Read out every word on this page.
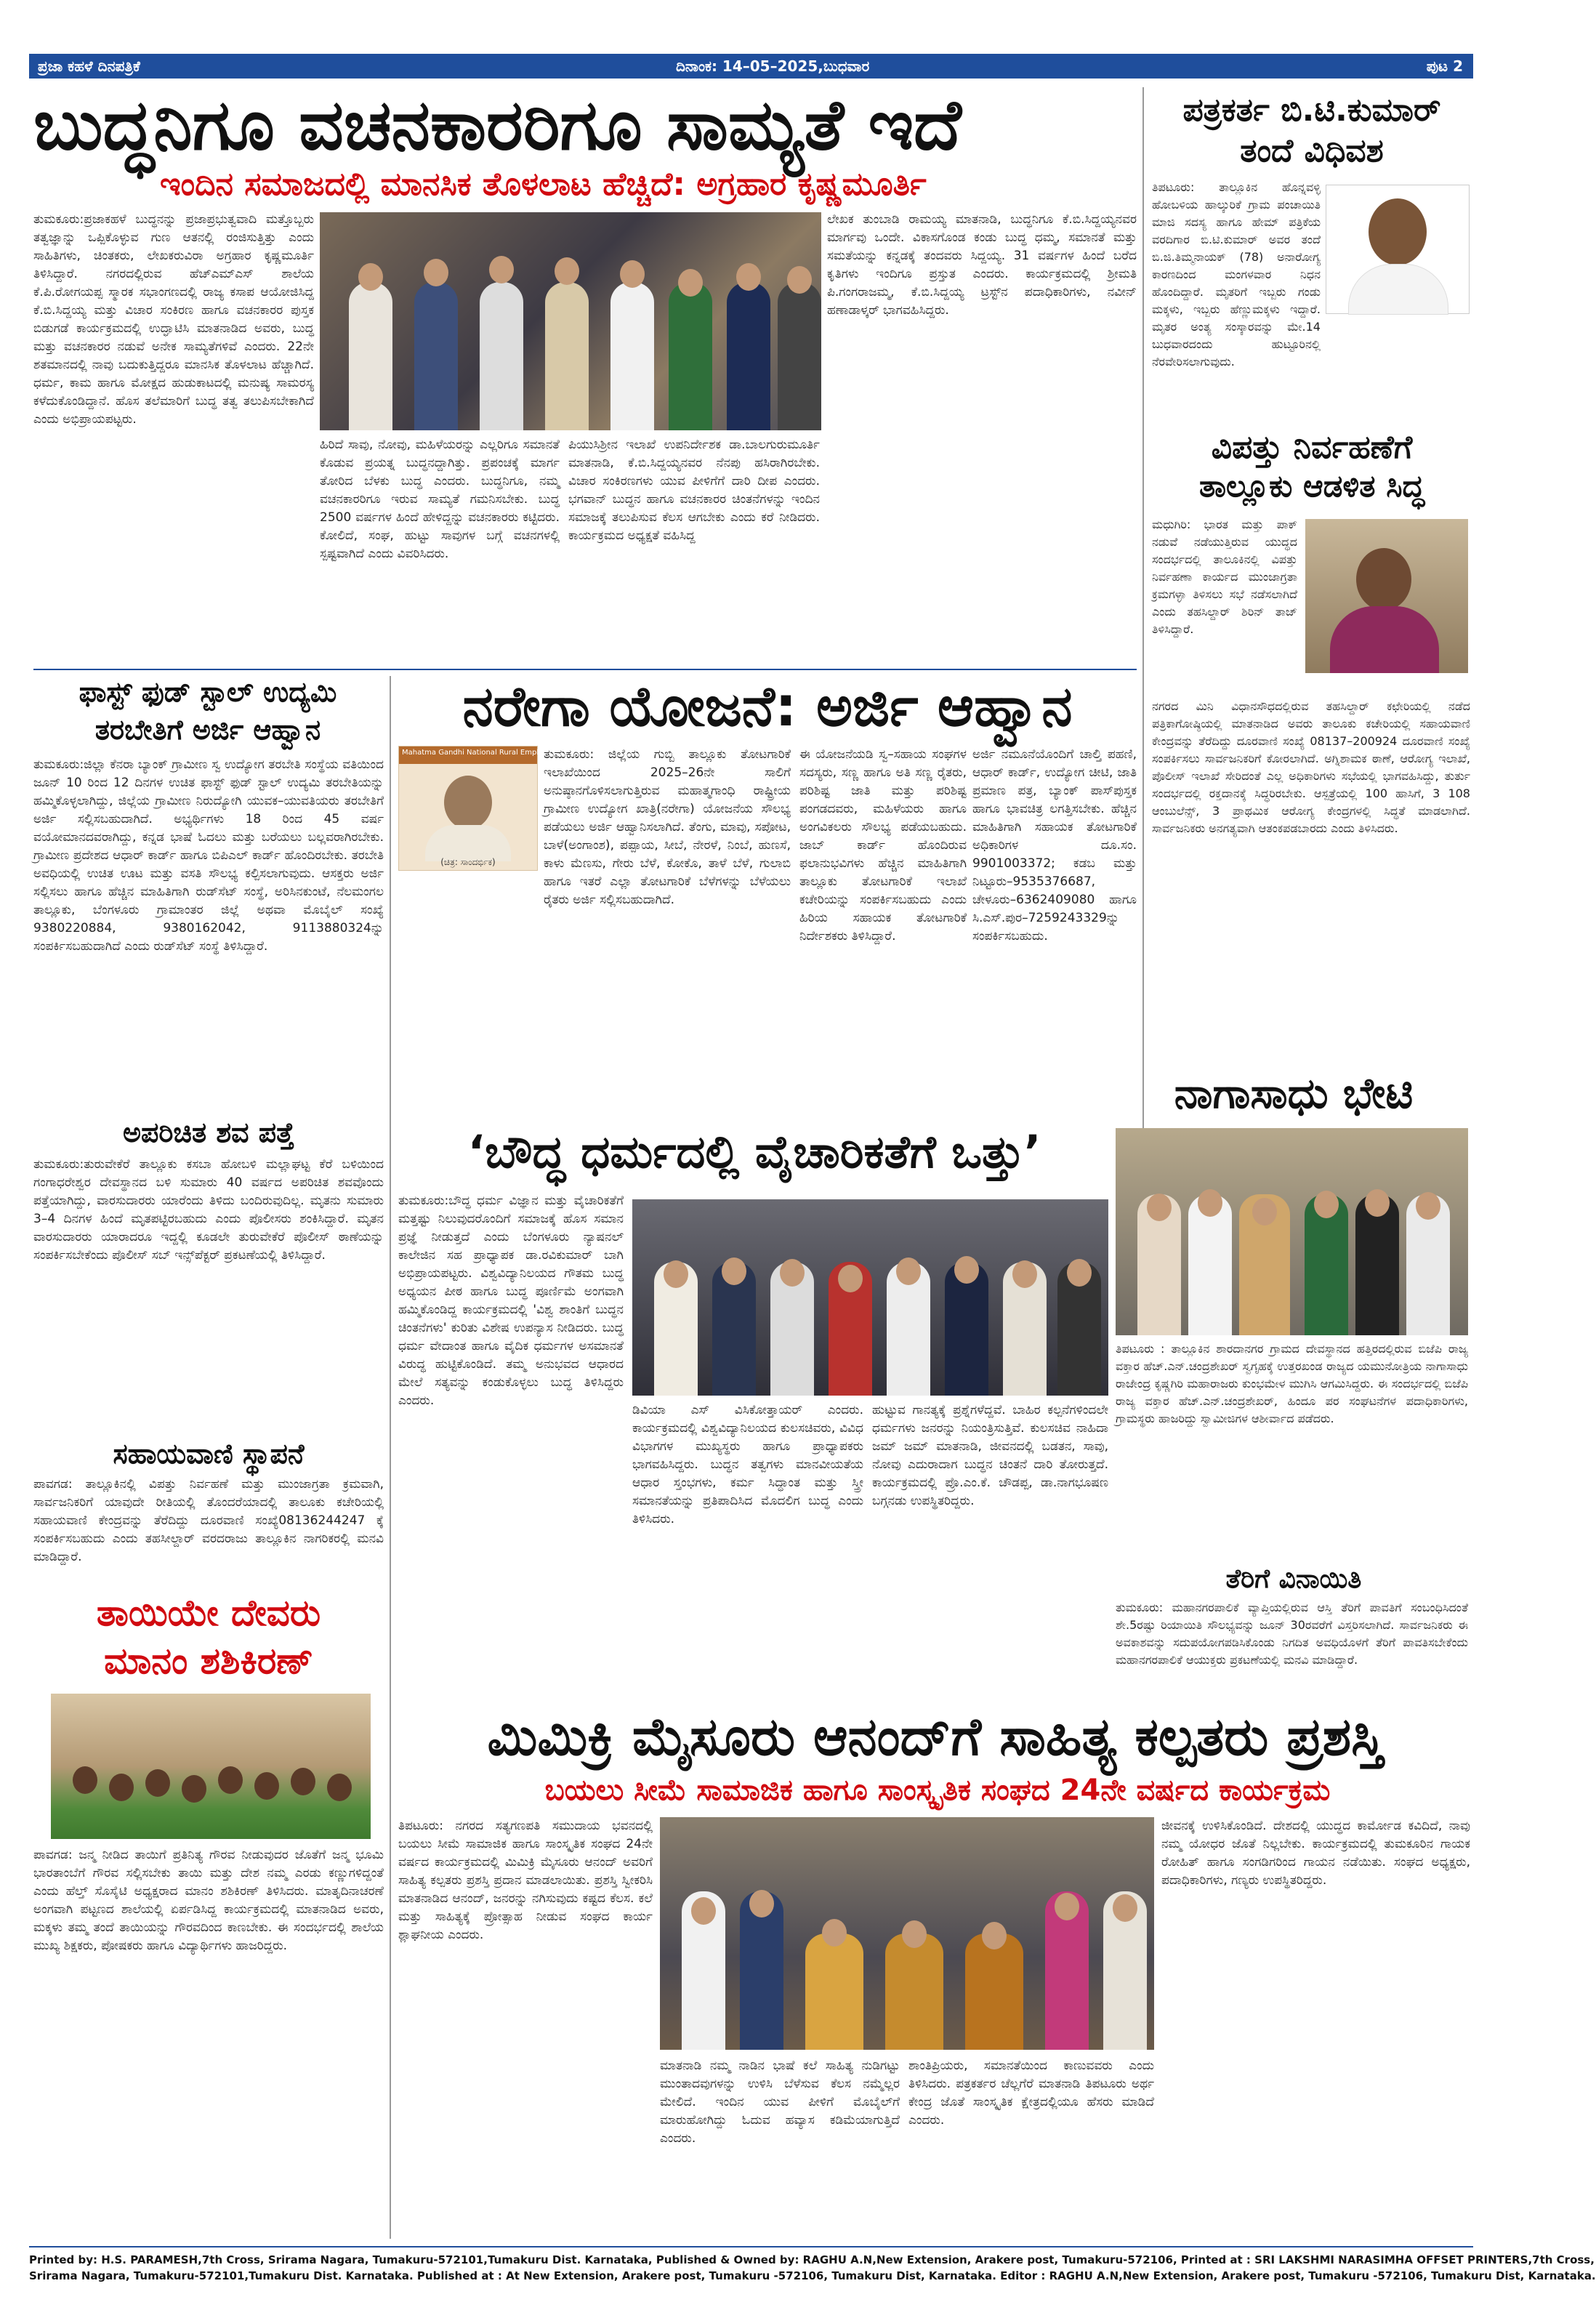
ಪ್ರಜಾ ಕಹಳೆ ದಿನಪತ್ರಿಕೆ	ದಿನಾಂಕ: 14–05–2025,ಬುಧವಾರ	ಪುಟ 2
ಬುದ್ಧನಿಗೂ ವಚನಕಾರರಿಗೂ ಸಾಮ್ಯತೆ ಇದೆ
ಇಂದಿನ ಸಮಾಜದಲ್ಲಿ ಮಾನಸಿಕ ತೊಳಲಾಟ ಹೆಚ್ಚಿದೆ: ಅಗ್ರಹಾರ ಕೃಷ್ಣಮೂರ್ತಿ
ತುಮಕೂರು:ಪ್ರಜಾಕಹಳೆ ಬುದ್ಧನನ್ನು ಪ್ರಜಾಪ್ರಭುತ್ವವಾದಿ ಮತ್ತೊಬ್ಬರು ತತ್ವಜ್ಞಾನ್ನು ಒಪ್ಪಿಕೊಳ್ಳುವ ಗುಣ ಆತನಲ್ಲಿ ರಂಜಿಸುತ್ತಿತ್ತು ಎಂದು ಸಾಹಿತಿಗಳು, ಚಿಂತಕರು, ಲೇಖಕರುವಿರಾ ಅಗ್ರಹಾರ ಕೃಷ್ಣಮೂರ್ತಿ ತಿಳಿಸಿದ್ದಾರೆ. ನಗರದಲ್ಲಿರುವ ಹೆಚ್‌ಎಮ್‌ಎಸ್ ಶಾಲೆಯ ಕೆ.ಪಿ.ರೋಗಯಪ್ಪ ಸ್ಮಾರಕ ಸಭಾಂಗಣದಲ್ಲಿ ರಾಜ್ಯ ಕಸಾಪ ಆಯೋಜಿಸಿದ್ದ ಕೆ.ಬಿ.ಸಿದ್ದಯ್ಯ ಮತ್ತು ವಿಚಾರ ಸಂಕಿರಣ ಹಾಗೂ ವಚನಕಾರರ ಪುಸ್ತಕ ಬಿಡುಗಡೆ ಕಾರ್ಯಕ್ರಮದಲ್ಲಿ ಉದ್ಘಾಟಿಸಿ ಮಾತನಾಡಿದ ಅವರು, ಬುದ್ಧ ಮತ್ತು ವಚನಕಾರರ ನಡುವೆ ಅನೇಕ ಸಾಮ್ಯತೆಗಳಿವೆ ಎಂದರು. 22ನೇ ಶತಮಾನದಲ್ಲಿ ನಾವು ಬದುಕುತ್ತಿದ್ದರೂ ಮಾನಸಿಕ ತೊಳಲಾಟ ಹೆಚ್ಚಾಗಿದೆ. ಧರ್ಮ, ಕಾಮ ಹಾಗೂ ಮೋಕ್ಷದ ಹುಡುಕಾಟದಲ್ಲಿ ಮನುಷ್ಯ ಸಾಮರಸ್ಯ ಕಳೆದುಕೊಂಡಿದ್ದಾನೆ. ಹೊಸ ತಲೆಮಾರಿಗೆ ಬುದ್ಧ ತತ್ವ ತಲುಪಿಸಬೇಕಾಗಿದೆ ಎಂದು ಅಭಿಪ್ರಾಯಪಟ್ಟರು.
ಹಿರಿದೆ ಸಾವು, ನೋವು, ಮಹಿಳೆಯರನ್ನು ಎಲ್ಲರಿಗೂ ಸಮಾನತೆ ಕೊಡುವ ಪ್ರಯತ್ನ ಬುದ್ಧನದ್ದಾಗಿತ್ತು. ಪ್ರಪಂಚಕ್ಕೆ ಮಾರ್ಗ ತೋರಿದ ಬೆಳಕು ಬುದ್ಧ ಎಂದರು. ಬುದ್ಧನಿಗೂ, ನಮ್ಮ ವಚನಕಾರರಿಗೂ ಇರುವ ಸಾಮ್ಯತೆ ಗಮನಿಸಬೇಕು. ಬುದ್ಧ 2500 ವರ್ಷಗಳ ಹಿಂದೆ ಹೇಳಿದ್ದನ್ನು ವಚನಕಾರರು ಕಟ್ಟಿದರು. ಕೋಲಿದೆ, ಸಂಘ, ಹುಟ್ಟು ಸಾವುಗಳ ಬಗ್ಗೆ ವಚನಗಳಲ್ಲಿ ಸ್ಪಷ್ಟವಾಗಿದೆ ಎಂದು ವಿವರಿಸಿದರು.
ಪಿಯುಸಿಶ್ರೀನ ಇಲಾಖೆ ಉಪನಿರ್ದೇಶಕ ಡಾ.ಬಾಲಗುರುಮೂರ್ತಿ ಮಾತನಾಡಿ, ಕೆ.ಬಿ.ಸಿದ್ದಯ್ಯನವರ ನೆನಪು ಹಸಿರಾಗಿರಬೇಕು. ವಿಚಾರ ಸಂಕಿರಣಗಳು ಯುವ ಪೀಳಿಗೆಗೆ ದಾರಿ ದೀಪ ಎಂದರು. ಭಗವಾನ್ ಬುದ್ಧನ ಹಾಗೂ ವಚನಕಾರರ ಚಿಂತನೆಗಳನ್ನು ಇಂದಿನ ಸಮಾಜಕ್ಕೆ ತಲುಪಿಸುವ ಕೆಲಸ ಆಗಬೇಕು ಎಂದು ಕರೆ ನೀಡಿದರು. ಕಾರ್ಯಕ್ರಮದ ಅಧ್ಯಕ್ಷತೆ ವಹಿಸಿದ್ದ
ಲೇಖಕ ತುಂಬಾಡಿ ರಾಮಯ್ಯ ಮಾತನಾಡಿ, ಬುದ್ಧನಿಗೂ ಕೆ.ಬಿ.ಸಿದ್ದಯ್ಯನವರ ಮಾರ್ಗವು ಒಂದೇ. ವಿಕಾಸಗೊಂಡ ಕಂಡು ಬುದ್ಧ ಧಮ್ಮ, ಸಮಾನತೆ ಮತ್ತು ಸಮತೆಯನ್ನು ಕನ್ನಡಕ್ಕೆ ತಂದವರು ಸಿದ್ದಯ್ಯ. 31 ವರ್ಷಗಳ ಹಿಂದೆ ಬರೆದ ಕೃತಿಗಳು ಇಂದಿಗೂ ಪ್ರಸ್ತುತ ಎಂದರು. ಕಾರ್ಯಕ್ರಮದಲ್ಲಿ ಶ್ರೀಮತಿ ಪಿ.ಗಂಗರಾಜಮ್ಮ, ಕೆ.ಬಿ.ಸಿದ್ದಯ್ಯ ಟ್ರಸ್ಟ್‌ನ ಪದಾಧಿಕಾರಿಗಳು, ನವೀನ್ ಹಣಾಡಾಳ್ಕರ್ ಭಾಗವಹಿಸಿದ್ದರು.
ಪತ್ರಕರ್ತ ಬಿ.ಟಿ.ಕುಮಾರ್
ತಂದೆ ವಿಧಿವಶ
ತಿಪಟೂರು: ತಾಲ್ಲೂಕಿನ ಹೊನ್ನವಳ್ಳಿ ಹೋಬಳಿಯ ಹಾಲ್ಕುರಿಕೆ ಗ್ರಾಮ ಪಂಚಾಯಿತಿ ಮಾಜಿ ಸದಸ್ಯ ಹಾಗೂ ಹೇಮ್ ಪತ್ರಿಕೆಯ ವರದಿಗಾರ ಬಿ.ಟಿ.ಕುಮಾರ್ ಅವರ ತಂದೆ ಬಿ.ಜಿ.ತಿಮ್ಮನಾಯಕ್ (78) ಅನಾರೋಗ್ಯ ಕಾರಣದಿಂದ ಮಂಗಳವಾರ ನಿಧನ ಹೊಂದಿದ್ದಾರೆ. ಮೃತರಿಗೆ ಇಬ್ಬರು ಗಂಡು ಮಕ್ಕಳು, ಇಬ್ಬರು ಹೆಣ್ಣುಮಕ್ಕಳು ಇದ್ದಾರೆ. ಮೃತರ ಅಂತ್ಯ ಸಂಸ್ಕಾರವನ್ನು ಮೇ.14 ಬುಧವಾರದಂದು ಹುಟ್ಟೂರಿನಲ್ಲಿ ನೆರವೇರಿಸಲಾಗುವುದು.
ವಿಪತ್ತು ನಿರ್ವಹಣೆಗೆ
ತಾಲ್ಲೂಕು ಆಡಳಿತ ಸಿದ್ಧ
ಮಧುಗಿರಿ: ಭಾರತ ಮತ್ತು ಪಾಕ್ ನಡುವೆ ನಡೆಯುತ್ತಿರುವ ಯುದ್ಧದ ಸಂದರ್ಭದಲ್ಲಿ ತಾಲೂಕಿನಲ್ಲಿ ವಿಪತ್ತು ನಿರ್ವಹಣಾ ಕಾರ್ಯದ ಮುಂಜಾಗ್ರತಾ ಕ್ರಮಗಳ್ಳಾ ತಿಳಿಸಲು ಸಭೆ ನಡೆಸಲಾಗಿದೆ ಎಂದು ತಹಸಿಲ್ದಾರ್ ಶಿರಿನ್ ತಾಜ್ ತಿಳಿಸಿದ್ದಾರೆ.
ನಗರದ ಮಿನಿ ವಿಧಾನಸೌಧದಲ್ಲಿರುವ ತಹಸಿಲ್ದಾರ್ ಕಛೇರಿಯಲ್ಲಿ ನಡೆದ ಪತ್ರಿಕಾಗೋಷ್ಠಿಯಲ್ಲಿ ಮಾತನಾಡಿದ ಅವರು ತಾಲೂಕು ಕಚೇರಿಯಲ್ಲಿ ಸಹಾಯವಾಣಿ ಕೇಂದ್ರವನ್ನು ತೆರೆದಿದ್ದು ದೂರವಾಣಿ ಸಂಖ್ಯೆ 08137–200924 ದೂರವಾಣಿ ಸಂಖ್ಯೆ ಸಂಪರ್ಕಿಸಲು ಸಾರ್ವಜನಿಕರಿಗೆ ಕೋರಲಾಗಿದೆ. ಅಗ್ನಿಶಾಮಕ ಠಾಣೆ, ಆರೋಗ್ಯ ಇಲಾಖೆ, ಪೊಲೀಸ್ ಇಲಾಖೆ ಸೇರಿದಂತೆ ಎಲ್ಲ ಅಧಿಕಾರಿಗಳು ಸಭೆಯಲ್ಲಿ ಭಾಗವಹಿಸಿದ್ದು, ತುರ್ತು ಸಂದರ್ಭದಲ್ಲಿ ರಕ್ತದಾನಕ್ಕೆ ಸಿದ್ಧರಿರಬೇಕು. ಆಸ್ಪತ್ರೆಯಲ್ಲಿ 100 ಹಾಸಿಗೆ, 3 108 ಆಂಬುಲೆನ್ಸ್, 3 ಪ್ರಾಥಮಿಕ ಆರೋಗ್ಯ ಕೇಂದ್ರಗಳಲ್ಲಿ ಸಿದ್ಧತೆ ಮಾಡಲಾಗಿದೆ. ಸಾರ್ವಜನಿಕರು ಅನಗತ್ಯವಾಗಿ ಆತಂಕಪಡಬಾರದು ಎಂದು ತಿಳಿಸಿದರು.
ನಾಗಾಸಾಧು ಭೇಟಿ
ತಿಪಟೂರು : ತಾಲ್ಲೂಕಿನ ಶಾರದಾನಗರ ಗ್ರಾಮದ ದೇವಸ್ಥಾನದ ಹತ್ತಿರದಲ್ಲಿರುವ ಬಿಜೆಪಿ ರಾಜ್ಯ ವಕ್ತಾರ ಹೆಚ್.ಎನ್.ಚಂದ್ರಶೇಖರ್ ಸ್ವಗೃಹಕ್ಕೆ ಉತ್ತರಖಂಡ ರಾಜ್ಯದ ಯಮುನೋತ್ರಿಯ ನಾಗಾಸಾಧು ರಾಜೇಂದ್ರ ಕೃಷ್ಣಗಿರಿ ಮಹಾರಾಜರು ಕುಂಭಮೇಳ ಮುಗಿಸಿ ಆಗಮಿಸಿದ್ದರು. ಈ ಸಂದರ್ಭದಲ್ಲಿ ಬಿಜೆಪಿ ರಾಜ್ಯ ವಕ್ತಾರ ಹೆಚ್.ಎನ್.ಚಂದ್ರಶೇಖರ್, ಹಿಂದೂ ಪರ ಸಂಘಟನೆಗಳ ಪದಾಧಿಕಾರಿಗಳು, ಗ್ರಾಮಸ್ಥರು ಹಾಜರಿದ್ದು ಸ್ವಾಮೀಜಿಗಳ ಆಶೀರ್ವಾದ ಪಡೆದರು.
ತೆರಿಗೆ ವಿನಾಯಿತಿ
ತುಮಕೂರು: ಮಹಾನಗರಪಾಲಿಕೆ ವ್ಯಾಪ್ತಿಯಲ್ಲಿರುವ ಆಸ್ತಿ ತೆರಿಗೆ ಪಾವತಿಗೆ ಸಂಬಂಧಿಸಿದಂತೆ ಶೇ.5ರಷ್ಟು ರಿಯಾಯಿತಿ ಸೌಲಭ್ಯವನ್ನು ಜೂನ್ 30ರವರೆಗೆ ವಿಸ್ತರಿಸಲಾಗಿದೆ. ಸಾರ್ವಜನಿಕರು ಈ ಅವಕಾಶವನ್ನು ಸದುಪಯೋಗಪಡಿಸಿಕೊಂಡು ನಿಗದಿತ ಅವಧಿಯೊಳಗೆ ತೆರಿಗೆ ಪಾವತಿಸಬೇಕೆಂದು ಮಹಾನಗರಪಾಲಿಕೆ ಆಯುಕ್ತರು ಪ್ರಕಟಣೆಯಲ್ಲಿ ಮನವಿ ಮಾಡಿದ್ದಾರೆ.
ಫಾಸ್ಟ್ ಫುಡ್ ಸ್ಟಾಲ್ ಉದ್ಯಮಿ
ತರಬೇತಿಗೆ ಅರ್ಜಿ ಆಹ್ವಾನ
ತುಮಕೂರು:ಜಿಲ್ಲಾ ಕೆನರಾ ಬ್ಯಾಂಕ್ ಗ್ರಾಮೀಣ ಸ್ವ ಉದ್ಯೋಗ ತರಬೇತಿ ಸಂಸ್ಥೆಯ ವತಿಯಿಂದ ಜೂನ್ 10 ರಿಂದ 12 ದಿನಗಳ ಉಚಿತ ಫಾಸ್ಟ್ ಫುಡ್ ಸ್ಟಾಲ್ ಉದ್ಯಮಿ ತರಬೇತಿಯನ್ನು ಹಮ್ಮಿಕೊಳ್ಳಲಾಗಿದ್ದು, ಜಿಲ್ಲೆಯ ಗ್ರಾಮೀಣ ನಿರುದ್ಯೋಗಿ ಯುವಕ–ಯುವತಿಯರು ತರಬೇತಿಗೆ ಅರ್ಜಿ ಸಲ್ಲಿಸಬಹುದಾಗಿದೆ. ಅಭ್ಯರ್ಥಿಗಳು 18 ರಿಂದ 45 ವರ್ಷ ವಯೋಮಾನದವರಾಗಿದ್ದು, ಕನ್ನಡ ಭಾಷೆ ಓದಲು ಮತ್ತು ಬರೆಯಲು ಬಲ್ಲವರಾಗಿರಬೇಕು. ಗ್ರಾಮೀಣ ಪ್ರದೇಶದ ಆಧಾರ್ ಕಾರ್ಡ್ ಹಾಗೂ ಬಿಪಿಎಲ್ ಕಾರ್ಡ್ ಹೊಂದಿರಬೇಕು. ತರಬೇತಿ ಅವಧಿಯಲ್ಲಿ ಉಚಿತ ಊಟ ಮತ್ತು ವಸತಿ ಸೌಲಭ್ಯ ಕಲ್ಪಿಸಲಾಗುವುದು. ಆಸಕ್ತರು ಅರ್ಜಿ ಸಲ್ಲಿಸಲು ಹಾಗೂ ಹೆಚ್ಚಿನ ಮಾಹಿತಿಗಾಗಿ ರುಡ್‌ಸೆಟ್ ಸಂಸ್ಥೆ, ಅರಿಸಿನಕುಂಟೆ, ನೆಲಮಂಗಲ ತಾಲ್ಲೂಕು, ಬೆಂಗಳೂರು ಗ್ರಾಮಾಂತರ ಜಿಲ್ಲೆ ಅಥವಾ ಮೊಬೈಲ್ ಸಂಖ್ಯೆ 9380220884, 9380162042, 9113880324ನ್ನು ಸಂಪರ್ಕಿಸಬಹುದಾಗಿದೆ ಎಂದು ರುಡ್‌ಸೆಟ್ ಸಂಸ್ಥೆ ತಿಳಿಸಿದ್ದಾರೆ.
ಅಪರಿಚಿತ ಶವ ಪತ್ತೆ
ತುಮಕೂರು:ತುರುವೇಕೆರೆ ತಾಲ್ಲೂಕು ಕಸಬಾ ಹೋಬಳಿ ಮಲ್ಲಾಘಟ್ಟ ಕೆರೆ ಬಳಿಯಿಂದ ಗಂಗಾಧರೇಶ್ವರ ದೇವಸ್ಥಾನದ ಬಳಿ ಸುಮಾರು 40 ವರ್ಷದ ಅಪರಿಚಿತ ಶವವೊಂದು ಪತ್ತೆಯಾಗಿದ್ದು, ವಾರಸುದಾರರು ಯಾರೆಂದು ತಿಳಿದು ಬಂದಿರುವುದಿಲ್ಲ. ಮೃತನು ಸುಮಾರು 3–4 ದಿನಗಳ ಹಿಂದೆ ಮೃತಪಟ್ಟಿರಬಹುದು ಎಂದು ಪೊಲೀಸರು ಶಂಕಿಸಿದ್ದಾರೆ. ಮೃತನ ವಾರಸುದಾರರು ಯಾರಾದರೂ ಇದ್ದಲ್ಲಿ ಕೂಡಲೇ ತುರುವೇಕೆರೆ ಪೊಲೀಸ್ ಠಾಣೆಯನ್ನು ಸಂಪರ್ಕಿಸಬೇಕೆಂದು ಪೊಲೀಸ್ ಸಬ್ ಇನ್ಸ್‌ಪೆಕ್ಟರ್ ಪ್ರಕಟಣೆಯಲ್ಲಿ ತಿಳಿಸಿದ್ದಾರೆ.
ಸಹಾಯವಾಣಿ ಸ್ಥಾಪನೆ
ಪಾವಗಡ: ತಾಲ್ಲೂಕಿನಲ್ಲಿ ವಿಪತ್ತು ನಿರ್ವಹಣೆ ಮತ್ತು ಮುಂಜಾಗ್ರತಾ ಕ್ರಮವಾಗಿ, ಸಾರ್ವಜನಿಕರಿಗೆ ಯಾವುದೇ ರೀತಿಯಲ್ಲಿ ತೊಂದರೆಯಾದಲ್ಲಿ ತಾಲೂಕು ಕಚೇರಿಯಲ್ಲಿ ಸಹಾಯವಾಣಿ ಕೇಂದ್ರವನ್ನು ತೆರೆದಿದ್ದು ದೂರವಾಣಿ ಸಂಖ್ಯೆ08136244247 ಕ್ಕೆ ಸಂಪರ್ಕಿಸಬಹುದು ಎಂದು ತಹಸೀಲ್ದಾರ್ ವರದರಾಜು ತಾಲ್ಲೂಕಿನ ನಾಗರಿಕರಲ್ಲಿ ಮನವಿ ಮಾಡಿದ್ದಾರೆ.
ತಾಯಿಯೇ ದೇವರು
ಮಾನಂ ಶಶಿಕಿರಣ್
ಪಾವಗಡ: ಜನ್ಮ ನೀಡಿದ ತಾಯಿಗೆ ಪ್ರತಿನಿತ್ಯ ಗೌರವ ನೀಡುವುದರ ಜೊತೆಗೆ ಜನ್ಮ ಭೂಮಿ ಭಾರತಾಂಬೆಗೆ ಗೌರವ ಸಲ್ಲಿಸಬೇಕು ತಾಯಿ ಮತ್ತು ದೇಶ ನಮ್ಮ ಎರಡು ಕಣ್ಣುಗಳಿದ್ದಂತೆ ಎಂದು ಹೆಲ್ತ್ ಸೊಸೈಟಿ ಅಧ್ಯಕ್ಷರಾದ ಮಾನಂ ಶಶಿಕಿರಣ್ ತಿಳಿಸಿದರು. ಮಾತೃದಿನಾಚರಣೆ ಅಂಗವಾಗಿ ಪಟ್ಟಣದ ಶಾಲೆಯಲ್ಲಿ ಏರ್ಪಡಿಸಿದ್ದ ಕಾರ್ಯಕ್ರಮದಲ್ಲಿ ಮಾತನಾಡಿದ ಅವರು, ಮಕ್ಕಳು ತಮ್ಮ ತಂದೆ ತಾಯಿಯನ್ನು ಗೌರವದಿಂದ ಕಾಣಬೇಕು. ಈ ಸಂದರ್ಭದಲ್ಲಿ ಶಾಲೆಯ ಮುಖ್ಯ ಶಿಕ್ಷಕರು, ಪೋಷಕರು ಹಾಗೂ ವಿದ್ಯಾರ್ಥಿಗಳು ಹಾಜರಿದ್ದರು.
ನರೇಗಾ ಯೋಜನೆ: ಅರ್ಜಿ ಆಹ್ವಾನ
Mahatma Gandhi National Rural Employment
(ಚಿತ್ರ: ಸಾಂದರ್ಭಿಕ)
ತುಮಕೂರು: ಜಿಲ್ಲೆಯ ಗುಬ್ಬಿ ತಾಲ್ಲೂಕು ತೋಟಗಾರಿಕೆ ಇಲಾಖೆಯಿಂದ 2025–26ನೇ ಸಾಲಿಗೆ ಅನುಷ್ಠಾನಗೊಳಿಸಲಾಗುತ್ತಿರುವ ಮಹಾತ್ಮಗಾಂಧಿ ರಾಷ್ಟ್ರೀಯ ಗ್ರಾಮೀಣ ಉದ್ಯೋಗ ಖಾತ್ರಿ(ನರೇಗಾ) ಯೋಜನೆಯ ಸೌಲಭ್ಯ ಪಡೆಯಲು ಅರ್ಜಿ ಆಹ್ವಾನಿಸಲಾಗಿದೆ. ತೆಂಗು, ಮಾವು, ಸಪೋಟ, ಬಾಳೆ(ಅಂಗಾಂಶ), ಪಪ್ಪಾಯ, ಸೀಬೆ, ನೇರಳೆ, ನಿಂಬೆ, ಹುಣಸೆ, ಕಾಳು ಮೆಣಸು, ಗೇರು ಬೆಳೆ, ಕೋಕೊ, ತಾಳೆ ಬೆಳೆ, ಗುಲಾಬಿ ಹಾಗೂ ಇತರೆ ಎಲ್ಲಾ ತೋಟಗಾರಿಕೆ ಬೆಳೆಗಳನ್ನು ಬೆಳೆಯಲು ರೈತರು ಅರ್ಜಿ ಸಲ್ಲಿಸಬಹುದಾಗಿದೆ.
ಈ ಯೋಜನೆಯಡಿ ಸ್ವ–ಸಹಾಯ ಸಂಘಗಳ ಸದಸ್ಯರು, ಸಣ್ಣ ಹಾಗೂ ಅತಿ ಸಣ್ಣ ರೈತರು, ಪರಿಶಿಷ್ಟ ಜಾತಿ ಮತ್ತು ಪರಿಶಿಷ್ಟ ಪಂಗಡದವರು, ಮಹಿಳೆಯರು ಹಾಗೂ ಅಂಗವಿಕಲರು ಸೌಲಭ್ಯ ಪಡೆಯಬಹುದು. ಜಾಬ್ ಕಾರ್ಡ್ ಹೊಂದಿರುವ ಫಲಾನುಭವಿಗಳು ಹೆಚ್ಚಿನ ಮಾಹಿತಿಗಾಗಿ ತಾಲ್ಲೂಕು ತೋಟಗಾರಿಕೆ ಇಲಾಖೆ ಕಚೇರಿಯನ್ನು ಸಂಪರ್ಕಿಸಬಹುದು ಎಂದು ಹಿರಿಯ ಸಹಾಯಕ ತೋಟಗಾರಿಕೆ ನಿರ್ದೇಶಕರು ತಿಳಿಸಿದ್ದಾರೆ.
ಅರ್ಜಿ ನಮೂನೆಯೊಂದಿಗೆ ಚಾಲ್ತಿ ಪಹಣಿ, ಆಧಾರ್ ಕಾರ್ಡ್, ಉದ್ಯೋಗ ಚೀಟಿ, ಜಾತಿ ಪ್ರಮಾಣ ಪತ್ರ, ಬ್ಯಾಂಕ್ ಪಾಸ್‌ಪುಸ್ತಕ ಹಾಗೂ ಭಾವಚಿತ್ರ ಲಗತ್ತಿಸಬೇಕು. ಹೆಚ್ಚಿನ ಮಾಹಿತಿಗಾಗಿ ಸಹಾಯಕ ತೋಟಗಾರಿಕೆ ಅಧಿಕಾರಿಗಳ ದೂ.ಸಂ. 9901003372; ಕಡಬ ಮತ್ತು ನಿಟ್ಟೂರು–9535376687, ಚೇಳೂರು–6362409080 ಹಾಗೂ ಸಿ.ಎಸ್.ಪುರ–7259243329ನ್ನು ಸಂಪರ್ಕಿಸಬಹುದು.
‘ಬೌದ್ಧ ಧರ್ಮದಲ್ಲಿ ವೈಚಾರಿಕತೆಗೆ ಒತ್ತು’
ತುಮಕೂರು:ಬೌದ್ಧ ಧರ್ಮ ವಿಜ್ಞಾನ ಮತ್ತು ವೈಚಾರಿಕತೆಗೆ ಮತ್ತಷ್ಟು ನಿಲುವುದರೊಂದಿಗೆ ಸಮಾಜಕ್ಕೆ ಹೊಸ ಸಮಾನ ಪ್ರಜ್ಞೆ ನೀಡುತ್ತದೆ ಎಂದು ಬೆಂಗಳೂರು ನ್ಯಾಷನಲ್ ಕಾಲೇಜಿನ ಸಹ ಪ್ರಾಧ್ಯಾಪಕ ಡಾ.ರವಿಕುಮಾರ್ ಬಾಗಿ ಅಭಿಪ್ರಾಯಪಟ್ಟರು. ವಿಶ್ವವಿದ್ಯಾನಿಲಯದ ಗೌತಮ ಬುದ್ಧ ಅಧ್ಯಯನ ಪೀಠ ಹಾಗೂ ಬುದ್ಧ ಪೂರ್ಣಿಮೆ ಅಂಗವಾಗಿ ಹಮ್ಮಿಕೊಂಡಿದ್ದ ಕಾರ್ಯಕ್ರಮದಲ್ಲಿ 'ವಿಶ್ವ ಶಾಂತಿಗೆ ಬುದ್ಧನ ಚಿಂತನೆಗಳು' ಕುರಿತು ವಿಶೇಷ ಉಪನ್ಯಾಸ ನೀಡಿದರು. ಬುದ್ಧ ಧರ್ಮ ವೇದಾಂತ ಹಾಗೂ ವೈದಿಕ ಧರ್ಮಗಳ ಅಸಮಾನತೆ ವಿರುದ್ಧ ಹುಟ್ಟಿಕೊಂಡಿದೆ. ತಮ್ಮ ಅನುಭವದ ಆಧಾರದ ಮೇಲೆ ಸತ್ಯವನ್ನು ಕಂಡುಕೊಳ್ಳಲು ಬುದ್ಧ ತಿಳಿಸಿದ್ದರು ಎಂದರು.
ಡಿವಿಯಾ ಎಸ್ ವಿಸಿಕೋತ್ತಾಯರ್ ಎಂದರು. ಕಾರ್ಯಕ್ರಮದಲ್ಲಿ ವಿಶ್ವವಿದ್ಯಾನಿಲಯದ ಕುಲಸಚಿವರು, ವಿವಿಧ ವಿಭಾಗಗಳ ಮುಖ್ಯಸ್ಥರು ಹಾಗೂ ಪ್ರಾಧ್ಯಾಪಕರು ಭಾಗವಹಿಸಿದ್ದರು. ಬುದ್ಧನ ತತ್ವಗಳು ಮಾನವೀಯತೆಯ ಆಧಾರ ಸ್ತಂಭಗಳು, ಕರ್ಮ ಸಿದ್ಧಾಂತ ಮತ್ತು ಸ್ತ್ರೀ ಸಮಾನತೆಯನ್ನು ಪ್ರತಿಪಾದಿಸಿದ ಮೊದಲಿಗ ಬುದ್ಧ ಎಂದು ತಿಳಿಸಿದರು.
ಹುಟ್ಟುವ ಗಾನತ್ಯಕ್ಕೆ ಪ್ರಶ್ನೆಗಳೆದ್ದವೆ. ಬಾಹಿರ ಕಲ್ಪನೆಗಳಿಂದಲೇ ಧರ್ಮಗಳು ಜನರನ್ನು ನಿಯಂತ್ರಿಸುತ್ತಿವೆ. ಕುಲಸಚಿವ ನಾಹಿದಾ ಜಮ್ ಜಮ್ ಮಾತನಾಡಿ, ಜೀವನದಲ್ಲಿ ಬಡತನ, ಸಾವು, ನೋವು ಎದುರಾದಾಗ ಬುದ್ಧನ ಚಿಂತನೆ ದಾರಿ ತೋರುತ್ತದೆ. ಕಾರ್ಯಕ್ರಮದಲ್ಲಿ ಪ್ರೊ.ಎಂ.ಕೆ. ಚೌಡಪ್ಪ, ಡಾ.ನಾಗಭೂಷಣ ಬಗ್ಗನಡು ಉಪಸ್ಥಿತರಿದ್ದರು.
ಮಿಮಿಕ್ರಿ ಮೈಸೂರು ಆನಂದ್‌ಗೆ ಸಾಹಿತ್ಯ ಕಲ್ಪತರು ಪ್ರಶಸ್ತಿ
ಬಯಲು ಸೀಮೆ ಸಾಮಾಜಿಕ ಹಾಗೂ ಸಾಂಸ್ಕೃತಿಕ ಸಂಘದ 24ನೇ ವರ್ಷದ ಕಾರ್ಯಕ್ರಮ
ತಿಪಟೂರು: ನಗರದ ಸತ್ಯಗಣಪತಿ ಸಮುದಾಯ ಭವನದಲ್ಲಿ ಬಯಲು ಸೀಮೆ ಸಾಮಾಜಿಕ ಹಾಗೂ ಸಾಂಸ್ಕೃತಿಕ ಸಂಘದ 24ನೇ ವರ್ಷದ ಕಾರ್ಯಕ್ರಮದಲ್ಲಿ ಮಿಮಿಕ್ರಿ ಮೈಸೂರು ಆನಂದ್ ಅವರಿಗೆ ಸಾಹಿತ್ಯ ಕಲ್ಪತರು ಪ್ರಶಸ್ತಿ ಪ್ರದಾನ ಮಾಡಲಾಯಿತು. ಪ್ರಶಸ್ತಿ ಸ್ವೀಕರಿಸಿ ಮಾತನಾಡಿದ ಆನಂದ್, ಜನರನ್ನು ನಗಿಸುವುದು ಕಷ್ಟದ ಕೆಲಸ. ಕಲೆ ಮತ್ತು ಸಾಹಿತ್ಯಕ್ಕೆ ಪ್ರೋತ್ಸಾಹ ನೀಡುವ ಸಂಘದ ಕಾರ್ಯ ಶ್ಲಾಘನೀಯ ಎಂದರು.
ಮಾತನಾಡಿ ನಮ್ಮ ನಾಡಿನ ಭಾಷೆ ಕಲೆ ಸಾಹಿತ್ಯ ನುಡಿಗಟ್ಟು ಮುಂತಾದವುಗಳನ್ನು ಉಳಿಸಿ ಬೆಳೆಸುವ ಕೆಲಸ ನಮ್ಮೆಲ್ಲರ ಮೇಲಿದೆ. ಇಂದಿನ ಯುವ ಪೀಳಿಗೆ ಮೊಬೈಲ್‌ಗೆ ಮಾರುಹೋಗಿದ್ದು ಓದುವ ಹವ್ಯಾಸ ಕಡಿಮೆಯಾಗುತ್ತಿದೆ ಎಂದರು.
ಶಾಂತಿಪ್ರಿಯರು, ಸಮಾನತೆಯಿಂದ ಕಾಣುವವರು ಎಂದು ತಿಳಿಸಿದರು. ಪತ್ರಕರ್ತರ ಚೆಲ್ಲಗೆರೆ ಮಾತನಾಡಿ ತಿಪಟೂರು ಅರ್ಥ ಕೇಂದ್ರ ಜೊತೆ ಸಾಂಸ್ಕೃತಿಕ ಕ್ಷೇತ್ರದಲ್ಲಿಯೂ ಹೆಸರು ಮಾಡಿದೆ ಎಂದರು.
ಜೀವನಕ್ಕೆ ಉಳಿಸಿಕೊಂಡಿದೆ. ದೇಶದಲ್ಲಿ ಯುದ್ಧದ ಕಾರ್ಮೋಡ ಕವಿದಿದೆ, ನಾವು ನಮ್ಮ ಯೋಧರ ಜೊತೆ ನಿಲ್ಲಬೇಕು. ಕಾರ್ಯಕ್ರಮದಲ್ಲಿ ತುಮಕೂರಿನ ಗಾಯಕ ರೋಹಿತ್ ಹಾಗೂ ಸಂಗಡಿಗರಿಂದ ಗಾಯನ ನಡೆಯಿತು. ಸಂಘದ ಅಧ್ಯಕ್ಷರು, ಪದಾಧಿಕಾರಿಗಳು, ಗಣ್ಯರು ಉಪಸ್ಥಿತರಿದ್ದರು.
Printed by: H.S. PARAMESH,7th Cross, Srirama Nagara, Tumakuru-572101,Tumakuru Dist. Karnataka, Published & Owned by: RAGHU A.N,New Extension, Arakere post, Tumakuru-572106, Printed at : SRI LAKSHMI NARASIMHA OFFSET PRINTERS,7th Cross,
Srirama Nagara, Tumakuru-572101,Tumakuru Dist. Karnataka. Published at : At New Extension, Arakere post, Tumakuru -572106, Tumakuru Dist, Karnataka. Editor : RAGHU A.N,New Extension, Arakere post, Tumakuru -572106, Tumakuru Dist, Karnataka.
